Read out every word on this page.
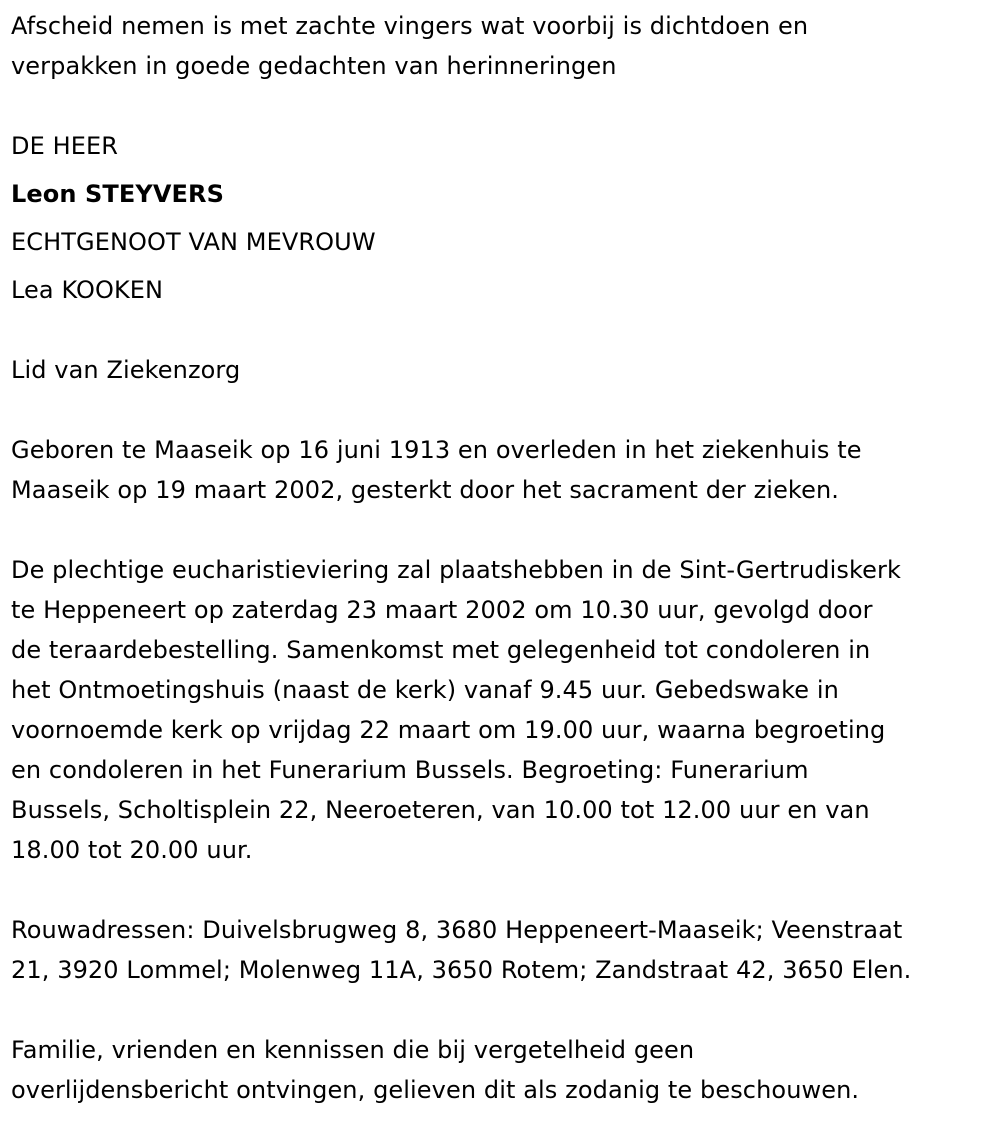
Afscheid nemen is met zachte vingers wat voorbij is dichtdoen en
verpakken in goede gedachten van herinneringen
DE HEER
Leon STEYVERS
ECHTGENOOT VAN MEVROUW
Lea KOOKEN
Lid van Ziekenzorg
Geboren te Maaseik op 16 juni 1913 en overleden in het ziekenhuis te
Maaseik op 19 maart 2002, gesterkt door het sacrament der zieken.
De plechtige eucharistieviering zal plaatshebben in de Sint-Gertrudiskerk
te Heppeneert op zaterdag 23 maart 2002 om 10.30 uur, gevolgd door
de teraardebestelling. Samenkomst met gelegenheid tot condoleren in
het Ontmoetingshuis (naast de kerk) vanaf 9.45 uur. Gebedswake in
voornoemde kerk op vrijdag 22 maart om 19.00 uur, waarna begroeting
en condoleren in het Funerarium Bussels. Begroeting: Funerarium
Bussels, Scholtisplein 22, Neeroeteren, van 10.00 tot 12.00 uur en van
18.00 tot 20.00 uur.
Rouwadressen: Duivelsbrugweg 8, 3680 Heppeneert-Maaseik; Veenstraat
21, 3920 Lommel; Molenweg 11A, 3650 Rotem; Zandstraat 42, 3650 Elen.
Familie, vrienden en kennissen die bij vergetelheid geen
overlijdensbericht ontvingen, gelieven dit als zodanig te beschouwen.
